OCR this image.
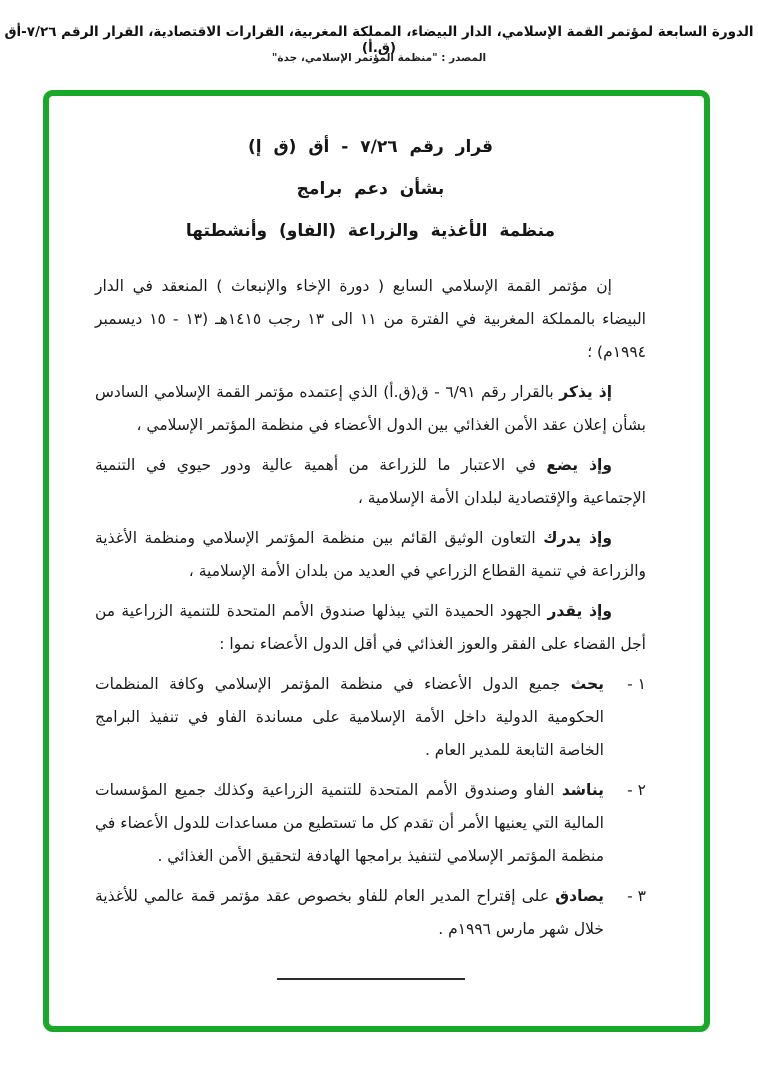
الدورة السابعة لمؤتمر القمة الإسلامي، الدار البيضاء، المملكة المغربية، القرارات الاقتصادية، القرار الرقم ٧/٢٦-أق (ق.أ)
المصدر : "منظمة المؤتمر الإسلامي، جدة"
قرار رقم ٧/٢٦ - أق (ق إ)
بشأن دعم برامج
منظمة الأغذية والزراعة (الفاو) وأنشطتها

إن مؤتمر القمة الإسلامي السابع ( دورة الإخاء والإنبعاث ) المنعقد في الدار البيضاء بالمملكة المغربية في الفترة من ١١ الى ١٣ رجب ١٤١٥هـ (١٣ - ١٥ ديسمبر ١٩٩٤م) ؛

إذ يذكر بالقرار رقم ٦/٩١ - ق(ق.أ) الذي إعتمده مؤتمر القمة الإسلامي السادس بشأن إعلان عقد الأمن الغذائي بين الدول الأعضاء في منظمة المؤتمر الإسلامي ،

وإذ يضع في الاعتبار ما للزراعة من أهمية عالية ودور حيوي في التنمية الإجتماعية والإقتصادية لبلدان الأمة الإسلامية ،

وإذ يدرك التعاون الوثيق القائم بين منظمة المؤتمر الإسلامي ومنظمة الأغذية والزراعة في تنمية القطاع الزراعي في العديد من بلدان الأمة الإسلامية ،

وإذ يقدر الجهود الحميدة التي يبذلها صندوق الأمم المتحدة للتنمية الزراعية من أجل القضاء على الفقر والعوز الغذائي في أقل الدول الأعضاء نموا :

١ -
يحث جميع الدول الأعضاء في منظمة المؤتمر الإسلامي وكافة المنظمات الحكومية الدولية داخل الأمة الإسلامية على مساندة الفاو في تنفيذ البرامج الخاصة التابعة للمدير العام .
٢ -
يناشد الفاو وصندوق الأمم المتحدة للتنمية الزراعية وكذلك جميع المؤسسات المالية التي يعنيها الأمر أن تقدم كل ما تستطيع من مساعدات للدول الأعضاء في منظمة المؤتمر الإسلامي لتنفيذ برامجها الهادفة لتحقيق الأمن الغذائي .
٣ -
يصادق على إقتراح المدير العام للفاو بخصوص عقد مؤتمر قمة عالمي للأغذية خلال شهر مارس ١٩٩٦م .
